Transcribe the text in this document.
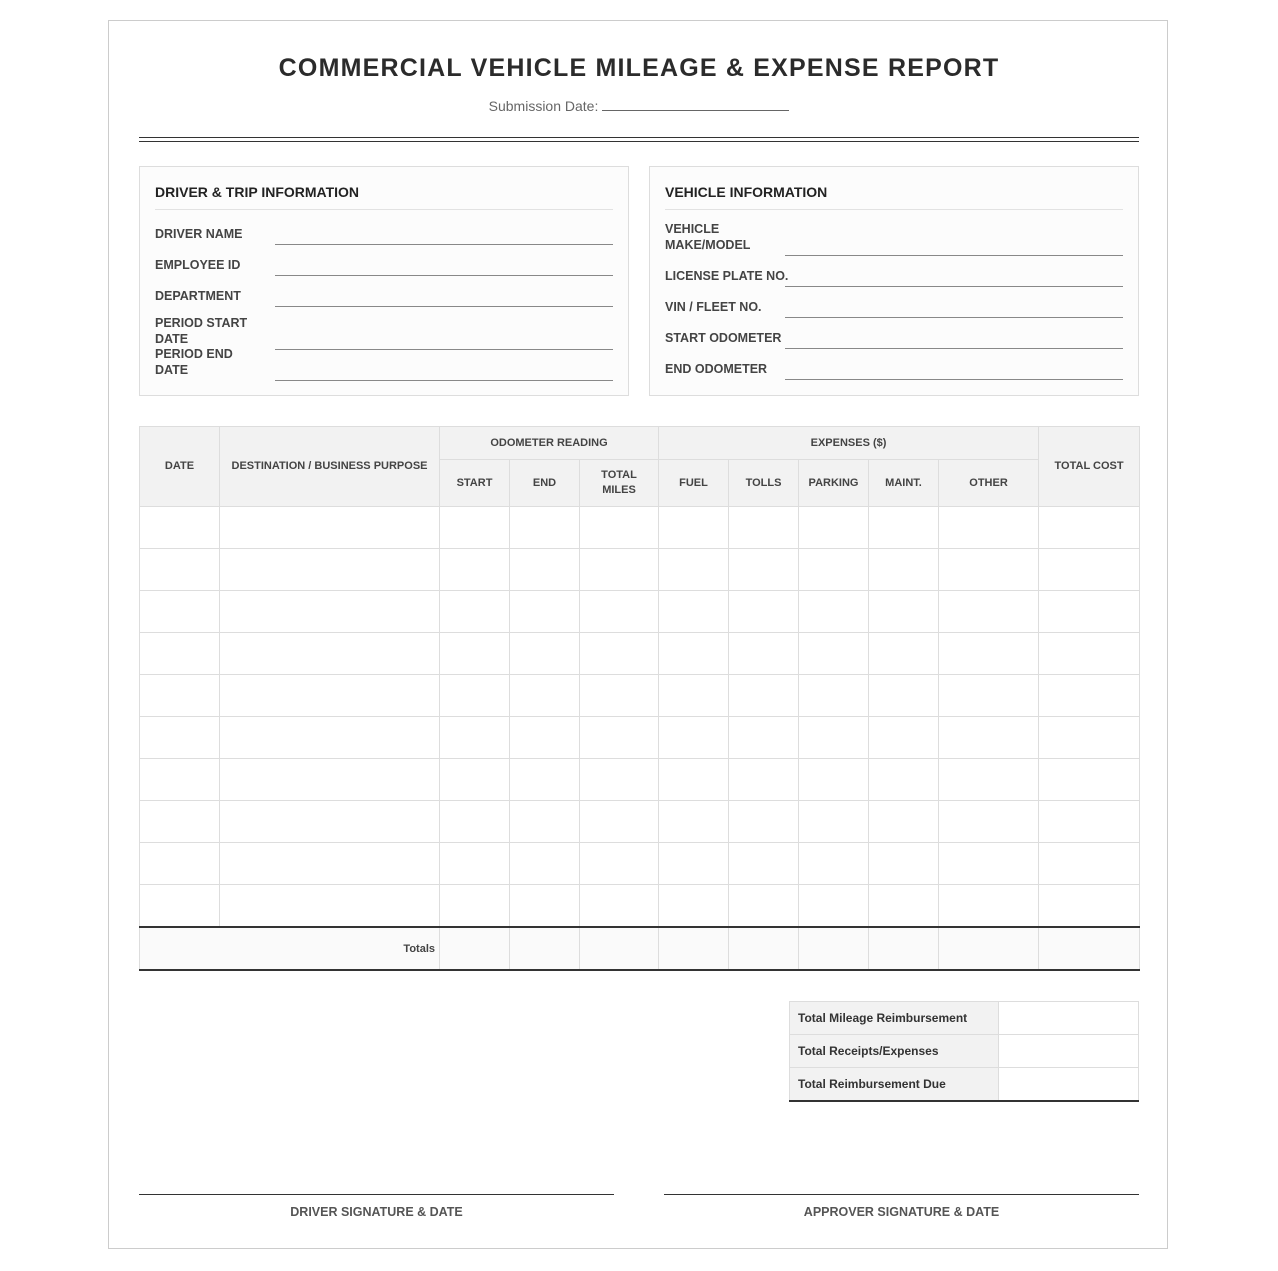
COMMERCIAL VEHICLE MILEAGE & EXPENSE REPORT
Submission Date:
DRIVER & TRIP INFORMATION
DRIVER NAME
EMPLOYEE ID
DEPARTMENT
PERIOD START DATE
PERIOD END DATE
VEHICLE INFORMATION
VEHICLE MAKE/MODEL
LICENSE PLATE NO.
VIN / FLEET NO.
START ODOMETER
END ODOMETER
DATE	DESTINATION / BUSINESS PURPOSE	ODOMETER READING			EXPENSES ($)					TOTAL COST
		START	END	TOTAL MILES	FUEL	TOLLS	PARKING	MAINT.	OTHER	

Totals										
Total Mileage Reimbursement	
Total Receipts/Expenses	
Total Reimbursement Due	
DRIVER SIGNATURE & DATE	APPROVER SIGNATURE & DATE
